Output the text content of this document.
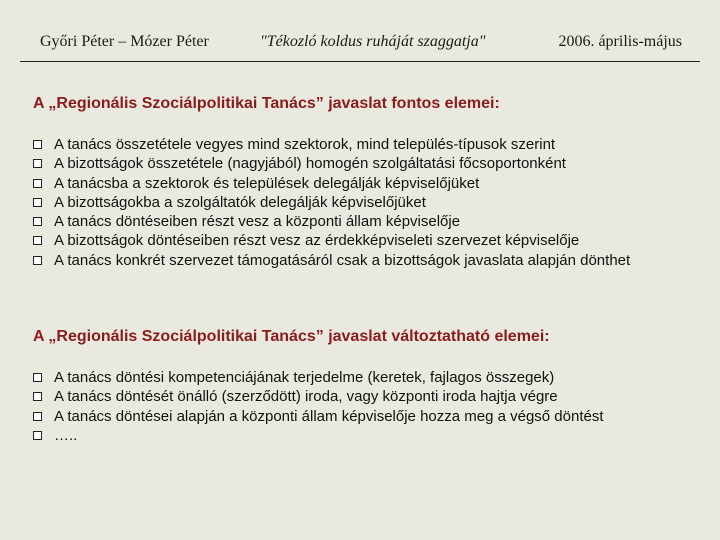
Győri Péter – Mózer Péter	"Tékozló koldus ruháját szaggatja"	2006. április-május
A „Regionális Szociálpolitikai Tanács” javaslat fontos elemei:
A tanács összetétele vegyes mind szektorok, mind település-típusok szerint
A bizottságok összetétele (nagyjából) homogén szolgáltatási főcsoportonként
A tanácsba a szektorok és települések delegálják képviselőjüket
A bizottságokba a szolgáltatók delegálják képviselőjüket
A tanács döntéseiben részt vesz a központi állam képviselője
A bizottságok döntéseiben részt vesz az érdekképviseleti szervezet képviselője
A tanács konkrét szervezet támogatásáról csak a bizottságok javaslata alapján dönthet
A „Regionális Szociálpolitikai Tanács” javaslat változtatható elemei:
A tanács döntési kompetenciájának terjedelme (keretek, fajlagos összegek)
A tanács döntését önálló (szerződött) iroda, vagy központi iroda hajtja végre
A tanács döntései alapján a központi állam képviselője hozza meg a végső döntést
…..
